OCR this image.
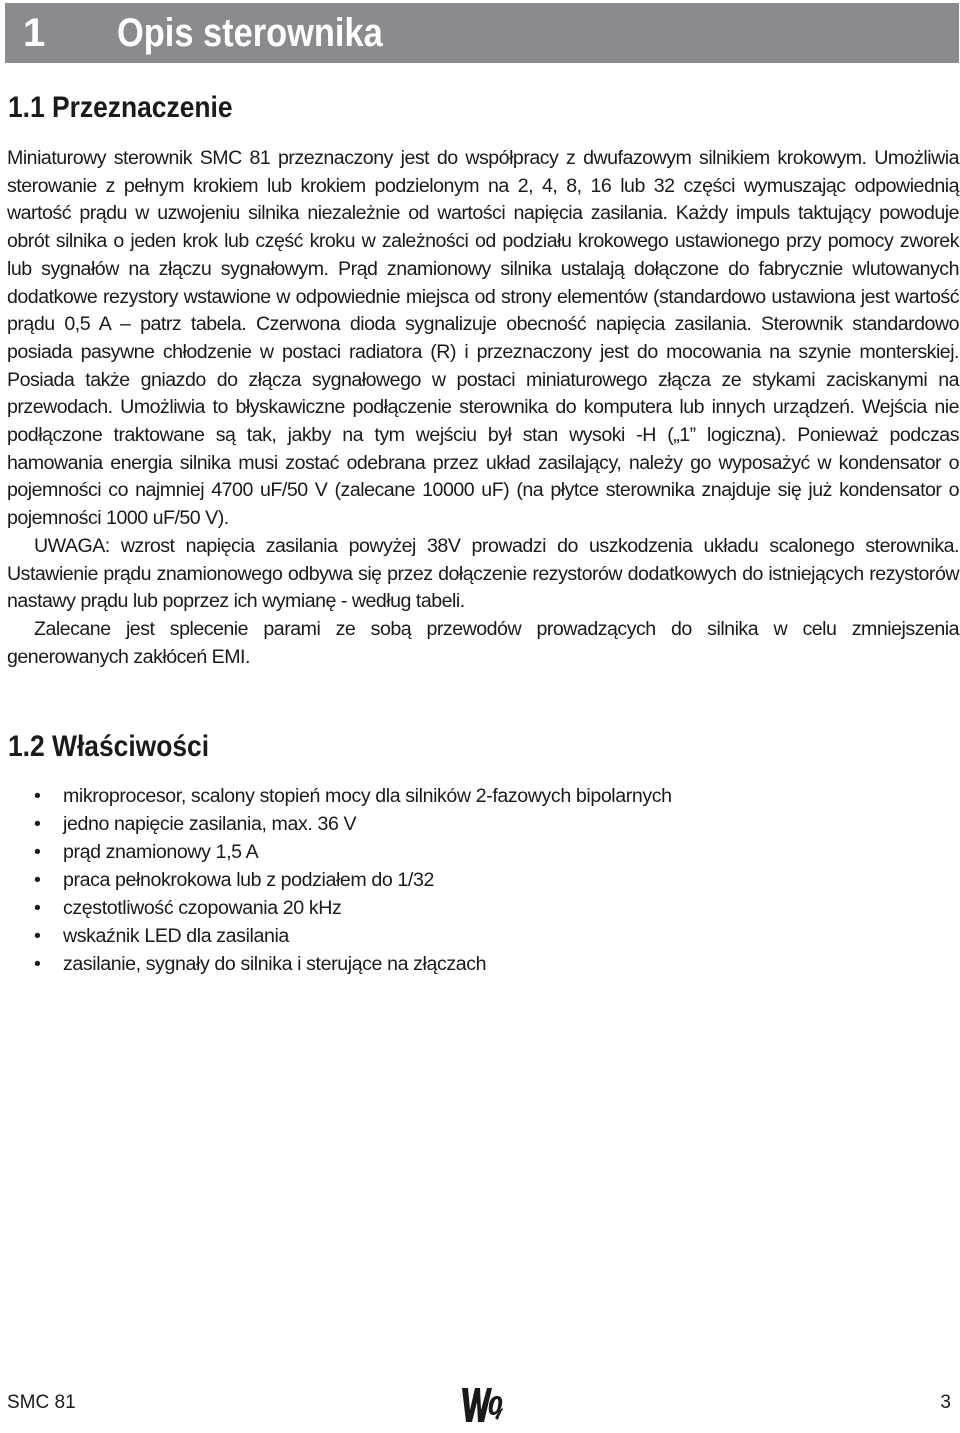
1 Opis sterownika
1.1 Przeznaczenie

Miniaturowy sterownik SMC 81 przeznaczony jest do współpracy z dwufazowym silnikiem krokowym. Umożliwia sterowanie z pełnym krokiem lub krokiem podzielonym na 2, 4, 8, 16 lub 32 części wymuszając odpowiednią wartość prądu w uzwojeniu silnika niezależnie od wartości napięcia zasilania. Każdy impuls taktujący powoduje obrót silnika o jeden krok lub część kroku w zależności od podziału krokowego ustawionego przy pomocy zworek lub sygnałów na złączu sygnałowym. Prąd znamionowy silnika ustalają dołączone do fabrycznie wlutowanych dodatkowe rezystory wstawione w odpowiednie miejsca od strony elementów (standardowo ustawiona jest wartość prądu 0,5 A – patrz tabela. Czerwona dioda sygnalizuje obecność napięcia zasilania. Sterownik standardowo posiada pasywne chłodzenie w postaci radiatora (R) i przeznaczony jest do mocowania na szynie monterskiej. Posiada także gniazdo do złącza sygnałowego w postaci miniaturowego złącza ze stykami zaciskanymi na przewodach. Umożliwia to błyskawiczne podłączenie sterownika do komputera lub innych urządzeń. Wejścia nie podłączone traktowane są tak, jakby na tym wejściu był stan wysoki -H („1” logiczna). Ponieważ podczas hamowania energia silnika musi zostać odebrana przez układ zasilający, należy go wyposażyć w kondensator o pojemności co najmniej 4700 uF/50 V (zalecane 10000 uF) (na płytce sterownika znajduje się już kondensator o pojemności 1000 uF/50 V).

UWAGA: wzrost napięcia zasilania powyżej 38V prowadzi do uszkodzenia układu scalonego sterownika. Ustawienie prądu znamionowego odbywa się przez dołączenie rezystorów dodatkowych do istniejących rezystorów nastawy prądu lub poprzez ich wymianę - według tabeli.

Zalecane jest splecenie parami ze sobą przewodów prowadzących do silnika w celu zmniejszenia generowanych zakłóceń EMI.

1.2 Właściwości
• mikroprocesor, scalony stopień mocy dla silników 2-fazowych bipolarnych
• jedno napięcie zasilania, max. 36 V
• prąd znamionowy 1,5 A
• praca pełnokrokowa lub z podziałem do 1/32
• częstotliwość czopowania 20 kHz
• wskaźnik LED dla zasilania
• zasilanie, sygnały do silnika i sterujące na złączach
SMC 81	3
